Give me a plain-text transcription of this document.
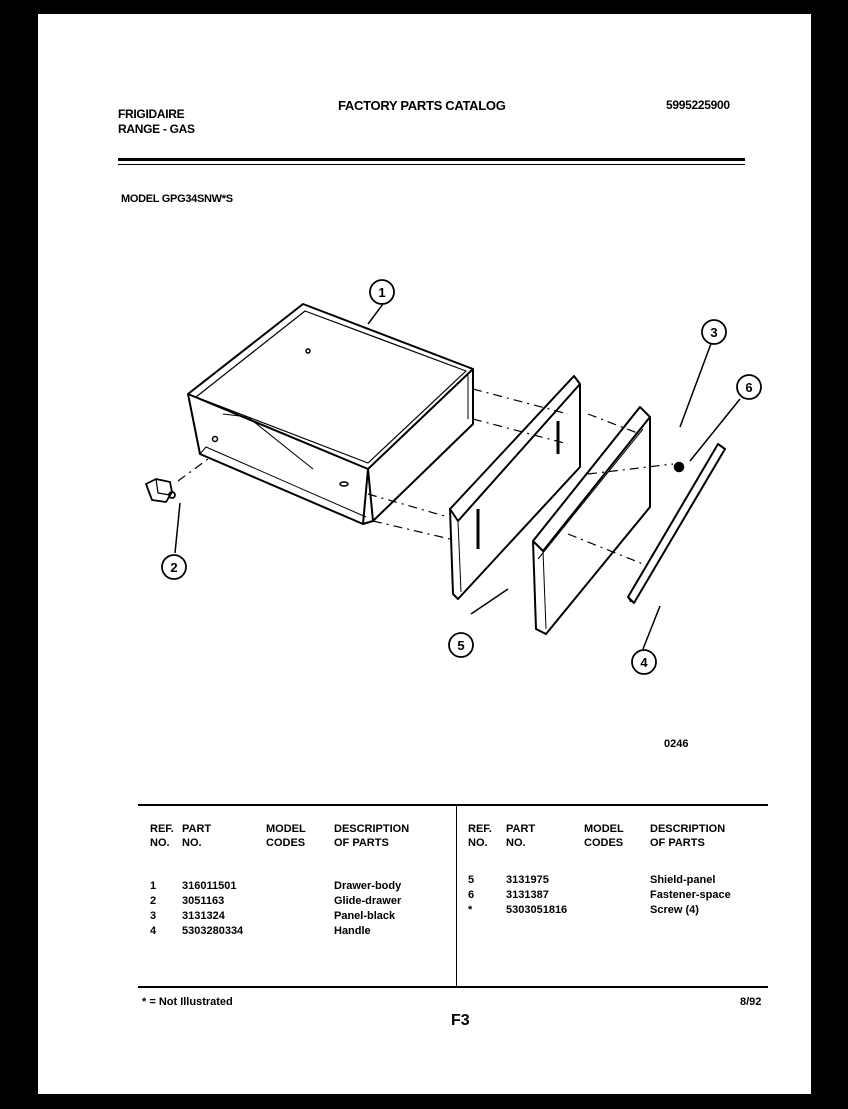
FRIGIDAIRE
RANGE - GAS
FACTORY PARTS CATALOG	5995225900
MODEL GPG34SNW*S
1
2
3
4
5
6
0246
REF.
NO.
PART
NO.
MODEL
CODES
DESCRIPTION
OF PARTS
1	316011501	Drawer-body
2	3051163	Glide-drawer
3	3131324	Panel-black
4	5303280334	Handle
REF.
NO.
PART
NO.
MODEL
CODES
DESCRIPTION
OF PARTS
5	3131975	Shield-panel
6	3131387	Fastener-space
*	5303051816	Screw (4)
* = Not Illustrated	8/92
F3
